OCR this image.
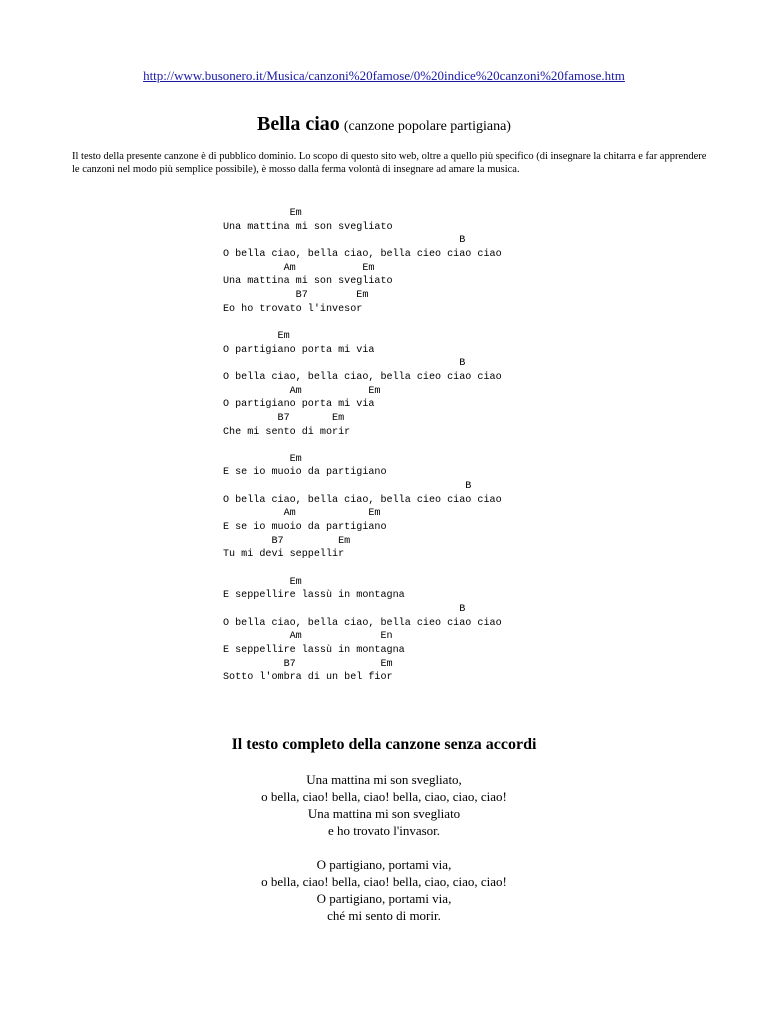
http://www.busonero.it/Musica/canzoni%20famose/0%20indice%20canzoni%20famose.htm
Bella ciao (canzone popolare partigiana)
Il testo della presente canzone è di pubblico dominio. Lo scopo di questo sito web, oltre a quello più specifico (di insegnare la chitarra e far apprendere le canzoni nel modo più semplice possibile), è mosso dalla ferma volontà di insegnare ad amare la musica.
Em
Una mattina mi son svegliato
B
O bella ciao, bella ciao, bella cieo ciao ciao
Am           Em
Una mattina mi son svegliato
B7        Em
Eo ho trovato l'invesor

Em
O partigiano porta mi via
B
O bella ciao, bella ciao, bella cieo ciao ciao
Am           Em
O partigiano porta mi via
B7       Em
Che mi sento di morir

Em
E se io muoio da partigiano
B
O bella ciao, bella ciao, bella cieo ciao ciao
Am            Em
E se io muoio da partigiano
B7         Em
Tu mi devi seppellir

Em
E seppellire lassù in montagna
B
O bella ciao, bella ciao, bella cieo ciao ciao
Am             En
E seppellire lassù in montagna
B7              Em
Sotto l'ombra di un bel fior
Il testo completo della canzone senza accordi
Una mattina mi son svegliato,
o bella, ciao! bella, ciao! bella, ciao, ciao, ciao!
Una mattina mi son svegliato
e ho trovato l'invasor.
O partigiano, portami via,
o bella, ciao! bella, ciao! bella, ciao, ciao, ciao!
O partigiano, portami via,
ché mi sento di morir.
